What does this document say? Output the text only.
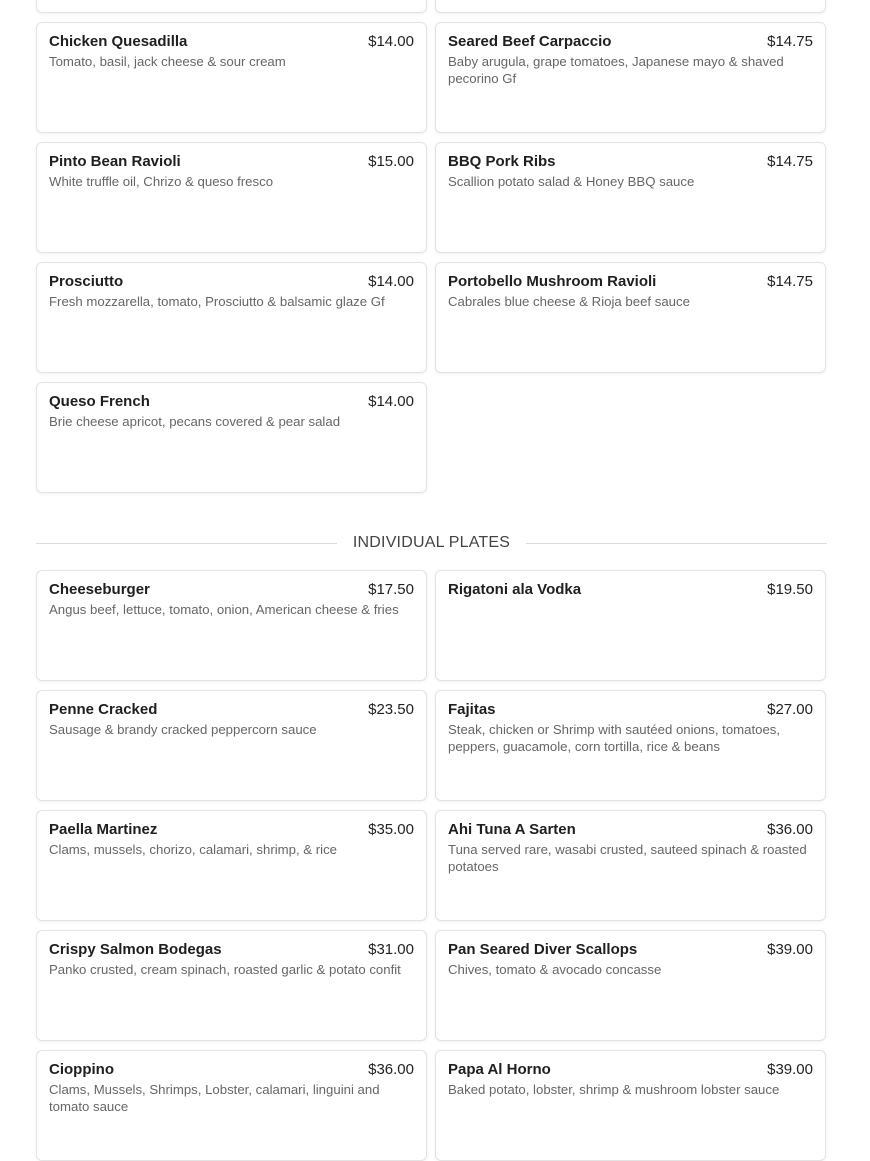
Chicken Quesadilla	$14.00
Tomato, basil, jack cheese & sour cream
Seared Beef Carpaccio	$14.75
Baby arugula, grape tomatoes, Japanese mayo & shaved pecorino Gf
Pinto Bean Ravioli	$15.00
White truffle oil, Chrizo & queso fresco
BBQ Pork Ribs	$14.75
Scallion potato salad & Honey BBQ sauce
Prosciutto	$14.00
Fresh mozzarella, tomato, Prosciutto & balsamic glaze Gf
Portobello Mushroom Ravioli	$14.75
Cabrales blue cheese & Rioja beef sauce
Queso French	$14.00
Brie cheese apricot, pecans covered & pear salad
INDIVIDUAL PLATES
Cheeseburger	$17.50
Angus beef, lettuce, tomato, onion, American cheese & fries
Rigatoni ala Vodka	$19.50
Penne Cracked	$23.50
Sausage & brandy cracked peppercorn sauce
Fajitas	$27.00
Steak, chicken or Shrimp with sautéed onions, tomatoes, peppers, guacamole, corn tortilla, rice & beans
Paella Martinez	$35.00
Clams, mussels, chorizo, calamari, shrimp, & rice
Ahi Tuna A Sarten	$36.00
Tuna served rare, wasabi crusted, sauteed spinach & roasted potatoes
Crispy Salmon Bodegas	$31.00
Panko crusted, cream spinach, roasted garlic & potato confit
Pan Seared Diver Scallops	$39.00
Chives, tomato & avocado concasse
Cioppino	$36.00
Clams, Mussels, Shrimps, Lobster, calamari, linguini and tomato sauce
Papa Al Horno	$39.00
Baked potato, lobster, shrimp & mushroom lobster sauce
